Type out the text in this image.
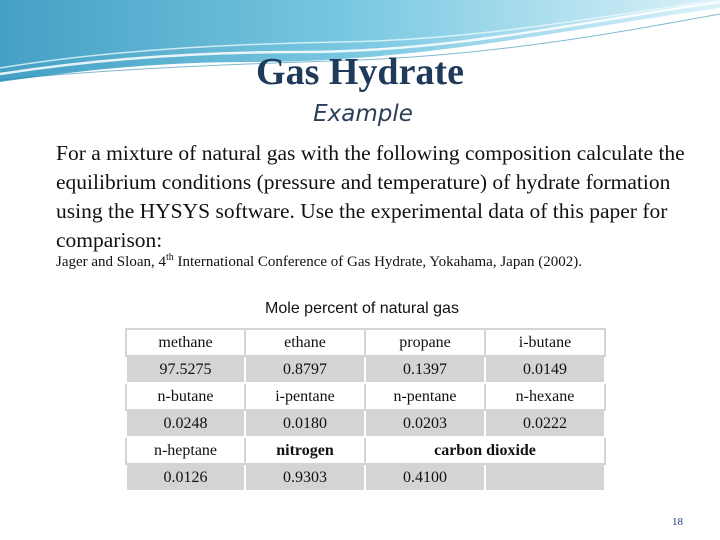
Gas Hydrate
Example
For a mixture of natural gas with the following composition calculate the equilibrium conditions (pressure and temperature) of hydrate formation using the HYSYS software. Use the experimental data of this paper for comparison:
Jager and Sloan, 4th International Conference of Gas Hydrate, Yokahama, Japan (2002).
Mole percent of natural gas
methane	ethane	propane	i-butane
97.5275	0.8797	0.1397	0.0149
n-butane	i-pentane	n-pentane	n-hexane
0.0248	0.0180	0.0203	0.0222
n-heptane	nitrogen	carbon dioxide	
0.0126	0.9303	0.4100	
18
